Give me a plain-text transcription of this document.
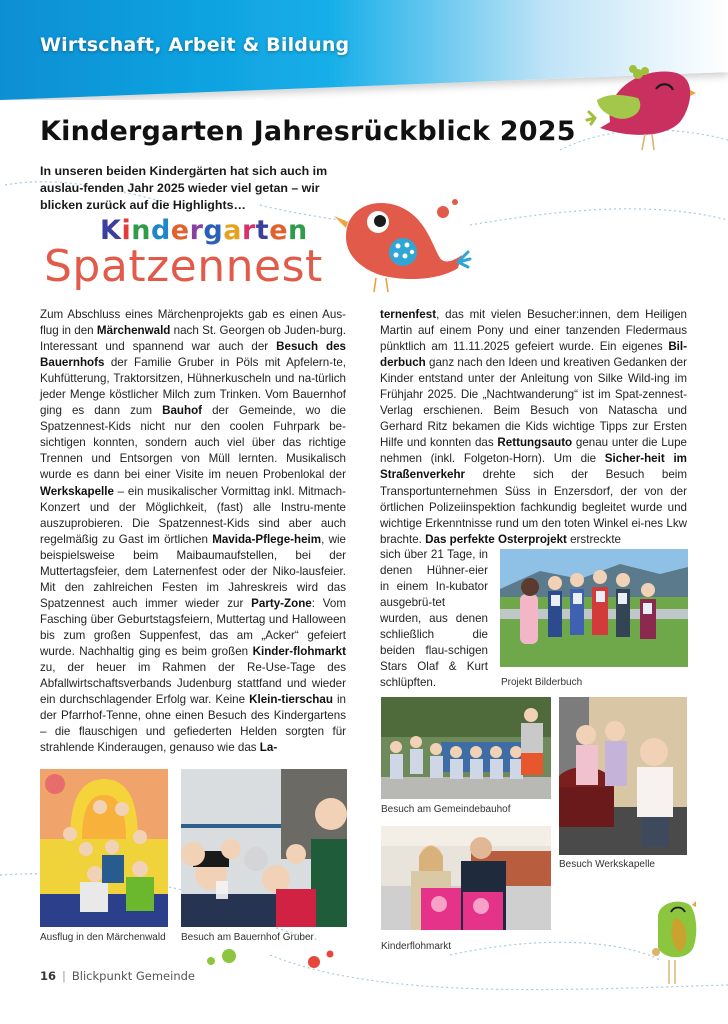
Wirtschaft, Arbeit & Bildung
Kindergarten Jahresrückblick 2025
In unseren beiden Kindergärten hat sich auch im auslau-fenden Jahr 2025 wieder viel getan – wir blicken zurück auf die Highlights…
Kindergarten
Spatzennest
Zum Abschluss eines Märchenprojekts gab es einen Aus-flug in den Märchenwald nach St. Georgen ob Juden-burg. Interessant und spannend war auch der Besuch des Bauernhofs der Familie Gruber in Pöls mit Apfelern-te, Kuhfütterung, Traktorsitzen, Hühnerkuscheln und na-türlich jeder Menge köstlicher Milch zum Trinken. Vom Bauernhof ging es dann zum Bauhof der Gemeinde, wo die Spatzennest-Kids nicht nur den coolen Fuhrpark be-sichtigen konnten, sondern auch viel über das richtige Trennen und Entsorgen von Müll lernten. Musikalisch wurde es dann bei einer Visite im neuen Probenlokal der Werkskapelle – ein musikalischer Vormittag inkl. Mitmach-Konzert und der Möglichkeit, (fast) alle Instru-mente auszuprobieren. Die Spatzennest-Kids sind aber auch regelmäßig zu Gast im örtlichen Mavida-Pflege-heim, wie beispielsweise beim Maibaumaufstellen, bei der Muttertagsfeier, dem Laternenfest oder der Niko-lausfeier. Mit den zahlreichen Festen im Jahreskreis wird das Spatzennest auch immer wieder zur Party-Zone: Vom Fasching über Geburtstagsfeiern, Muttertag und Halloween bis zum großen Suppenfest, das am „Acker“ gefeiert wurde. Nachhaltig ging es beim großen Kinder-flohmarkt zu, der heuer im Rahmen der Re-Use-Tage des Abfallwirtschaftsverbands Judenburg stattfand und wieder ein durchschlagender Erfolg war. Keine Klein-tierschau in der Pfarrhof-Tenne, ohne einen Besuch des Kindergartens – die flauschigen und gefiederten Helden sorgten für strahlende Kinderaugen, genauso wie das La-
ternenfest, das mit vielen Besucher:innen, dem Heiligen Martin auf einem Pony und einer tanzenden Fledermaus pünktlich am 11.11.2025 gefeiert wurde. Ein eigenes Bil-derbuch ganz nach den Ideen und kreativen Gedanken der Kinder entstand unter der Anleitung von Silke Wild-ing im Frühjahr 2025. Die „Nachtwanderung“ ist im Spat-zennest-Verlag erschienen. Beim Besuch von Natascha und Gerhard Ritz bekamen die Kids wichtige Tipps zur Ersten Hilfe und konnten das Rettungsauto genau unter die Lupe nehmen (inkl. Folgeton-Horn). Um die Sicher-heit im Straßenverkehr drehte sich der Besuch beim Transportunternehmen Süss in Enzersdorf, der von der örtlichen Polizeiinspektion fachkundig begleitet wurde und wichtige Erkenntnisse rund um den toten Winkel ei-nes Lkw brachte. Das perfekte Osterprojekt erstreckte
sich über 21 Tage, in denen Hühner-eier in einem In-kubator ausgebrü-tet wurden, aus denen schließlich die beiden flau-schigen Stars Olaf & Kurt schlüpften.	Projekt Bilderbuch
Besuch am Gemeindebauhof
Besuch Werkskapelle
Kinderflohmarkt
Ausflug in den Märchenwald Besuch am Bauernhof Gruber
16 | Blickpunkt Gemeinde
